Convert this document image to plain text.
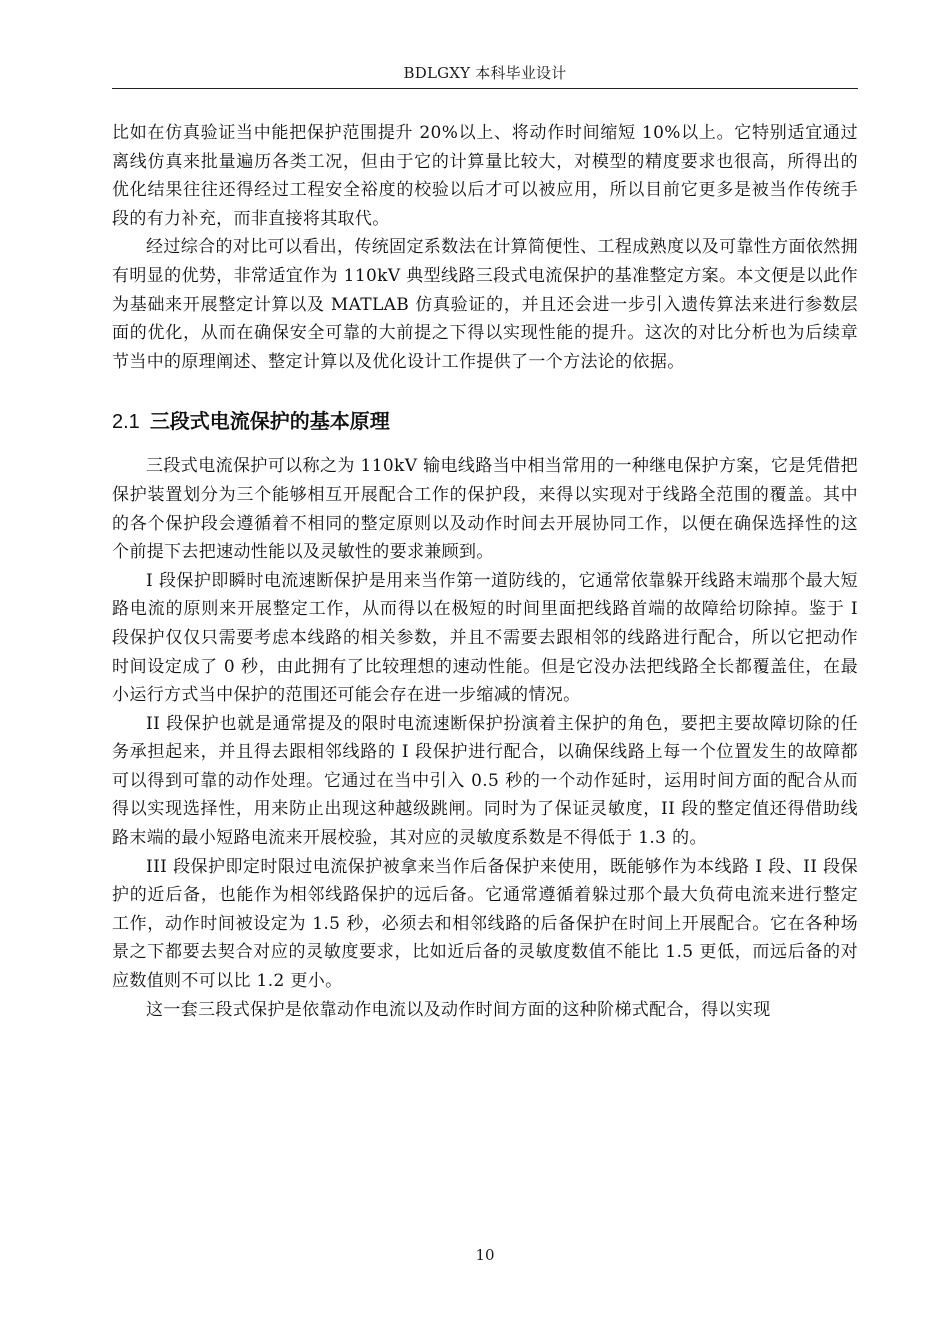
BDLGXY 本科毕业设计

比如在仿真验证当中能把保护范围提升 20%以上、将动作时间缩短 10%以上。它特别适宜通过离线仿真来批量遍历各类工况，但由于它的计算量比较大，对模型的精度要求也很高，所得出的优化结果往往还得经过工程安全裕度的校验以后才可以被应用，所以目前它更多是被当作传统手段的有力补充，而非直接将其取代。

经过综合的对比可以看出，传统固定系数法在计算简便性、工程成熟度以及可靠性方面依然拥有明显的优势，非常适宜作为 110kV 典型线路三段式电流保护的基准整定方案。本文便是以此作为基础来开展整定计算以及 MATLAB 仿真验证的，并且还会进一步引入遗传算法来进行参数层面的优化，从而在确保安全可靠的大前提之下得以实现性能的提升。这次的对比分析也为后续章节当中的原理阐述、整定计算以及优化设计工作提供了一个方法论的依据。

2.1 三段式电流保护的基本原理

三段式电流保护可以称之为 110kV 输电线路当中相当常用的一种继电保护方案，它是凭借把保护装置划分为三个能够相互开展配合工作的保护段，来得以实现对于线路全范围的覆盖。其中的各个保护段会遵循着不相同的整定原则以及动作时间去开展协同工作，以便在确保选择性的这个前提下去把速动性能以及灵敏性的要求兼顾到。

I 段保护即瞬时电流速断保护是用来当作第一道防线的，它通常依靠躲开线路末端那个最大短路电流的原则来开展整定工作，从而得以在极短的时间里面把线路首端的故障给切除掉。鉴于 I 段保护仅仅只需要考虑本线路的相关参数，并且不需要去跟相邻的线路进行配合，所以它把动作时间设定成了 0 秒，由此拥有了比较理想的速动性能。但是它没办法把线路全长都覆盖住，在最小运行方式当中保护的范围还可能会存在进一步缩减的情况。

II 段保护也就是通常提及的限时电流速断保护扮演着主保护的角色，要把主要故障切除的任务承担起来，并且得去跟相邻线路的 I 段保护进行配合，以确保线路上每一个位置发生的故障都可以得到可靠的动作处理。它通过在当中引入 0.5 秒的一个动作延时，运用时间方面的配合从而得以实现选择性，用来防止出现这种越级跳闸。同时为了保证灵敏度，II 段的整定值还得借助线路末端的最小短路电流来开展校验，其对应的灵敏度系数是不得低于 1.3 的。

III 段保护即定时限过电流保护被拿来当作后备保护来使用，既能够作为本线路 I 段、II 段保护的近后备，也能作为相邻线路保护的远后备。它通常遵循着躲过那个最大负荷电流来进行整定工作，动作时间被设定为 1.5 秒，必须去和相邻线路的后备保护在时间上开展配合。它在各种场景之下都要去契合对应的灵敏度要求，比如近后备的灵敏度数值不能比 1.5 更低，而远后备的对应数值则不可以比 1.2 更小。

这一套三段式保护是依靠动作电流以及动作时间方面的这种阶梯式配合，得以实现

10
